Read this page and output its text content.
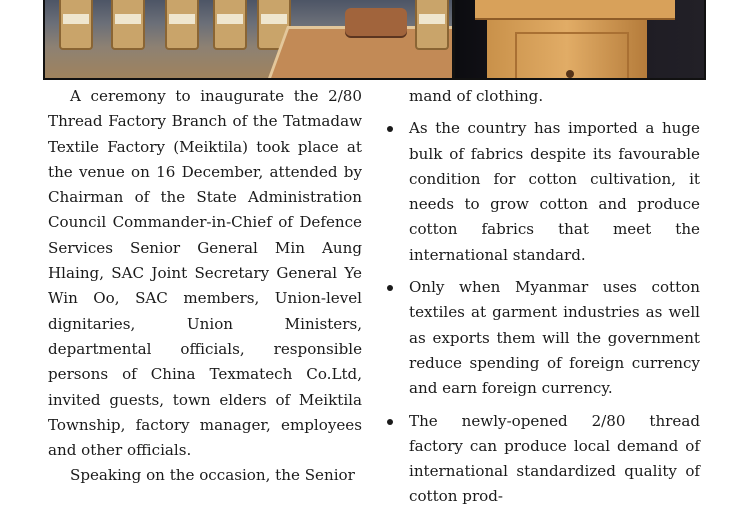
A ceremony to inaugurate the 2/80 Thread Factory Branch of the Tatmadaw Textile Factory (Meiktila) took place at the venue on 16 December, attended by Chairman of the State Administration Council Commander-in-Chief of Defence Services Senior General Min Aung Hlaing, SAC Joint Secretary General Ye Win Oo, SAC members, Union-level dignitaries, Union Ministers, departmental officials, responsible persons of China Texmatech Co.Ltd, invited guests, town elders of Meiktila Township, factory manager, employees and other officials.

Speaking on the occasion, the Senior

mand of clothing.

As the country has imported a huge bulk of fabrics despite its favourable condition for cotton cultivation, it needs to grow cotton and produce cotton fabrics that meet the international standard.
Only when Myanmar uses cotton textiles at garment industries as well as exports them will the government reduce spending of foreign currency and earn foreign currency.
The newly-opened 2/80 thread factory can produce local demand of international standardized quality of cotton prod-
